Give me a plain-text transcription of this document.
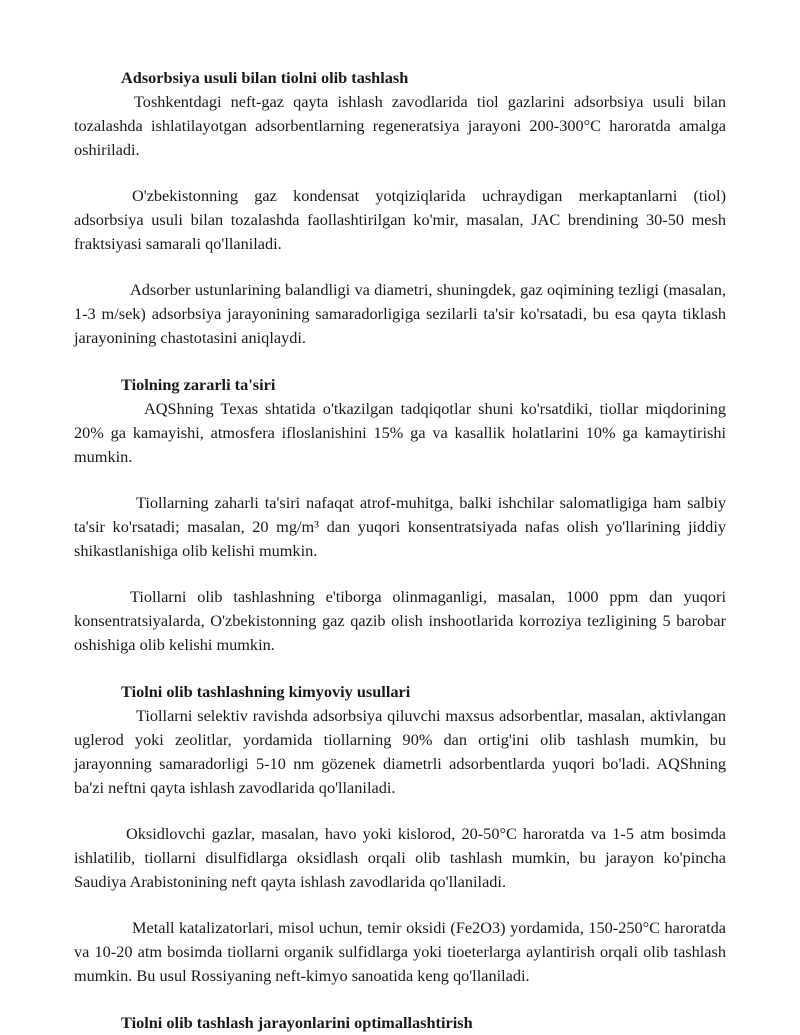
Adsorbsiya usuli bilan tiolni olib tashlash

Toshkentdagi neft-gaz qayta ishlash zavodlarida tiol gazlarini adsorbsiya usuli bilan tozalashda ishlatilayotgan adsorbentlarning regeneratsiya jarayoni 200-300°C haroratda amalga oshiriladi.

O'zbekistonning gaz kondensat yotqiziqlarida uchraydigan merkaptanlarni (tiol) adsorbsiya usuli bilan tozalashda faollashtirilgan ko'mir, masalan, JAC brendining 30-50 mesh fraktsiyasi samarali qo'llaniladi.

Adsorber ustunlarining balandligi va diametri, shuningdek, gaz oqimining tezligi (masalan, 1-3 m/sek) adsorbsiya jarayonining samaradorligiga sezilarli ta'sir ko'rsatadi, bu esa qayta tiklash jarayonining chastotasini aniqlaydi.

Tiolning zararli ta'siri

AQShning Texas shtatida o'tkazilgan tadqiqotlar shuni ko'rsatdiki, tiollar miqdorining 20% ga kamayishi, atmosfera ifloslanishini 15% ga va kasallik holatlarini 10% ga kamaytirishi mumkin.

Tiollarning zaharli ta'siri nafaqat atrof-muhitga, balki ishchilar salomatligiga ham salbiy ta'sir ko'rsatadi; masalan, 20 mg/m³ dan yuqori konsentratsiyada nafas olish yo'llarining jiddiy shikastlanishiga olib kelishi mumkin.

Tiollarni olib tashlashning e'tiborga olinmaganligi, masalan, 1000 ppm dan yuqori konsentratsiyalarda, O'zbekistonning gaz qazib olish inshootlarida korroziya tezligining 5 barobar oshishiga olib kelishi mumkin.

Tiolni olib tashlashning kimyoviy usullari

Tiollarni selektiv ravishda adsorbsiya qiluvchi maxsus adsorbentlar, masalan, aktivlangan uglerod yoki zeolitlar, yordamida tiollarning 90% dan ortig'ini olib tashlash mumkin, bu jarayonning samaradorligi 5-10 nm gözenek diametrli adsorbentlarda yuqori bo'ladi. AQShning ba'zi neftni qayta ishlash zavodlarida qo'llaniladi.

Oksidlovchi gazlar, masalan, havo yoki kislorod, 20-50°C haroratda va 1-5 atm bosimda ishlatilib, tiollarni disulfidlarga oksidlash orqali olib tashlash mumkin, bu jarayon ko'pincha Saudiya Arabistonining neft qayta ishlash zavodlarida qo'llaniladi.

Metall katalizatorlari, misol uchun, temir oksidi (Fe2O3) yordamida, 150-250°C haroratda va 10-20 atm bosimda tiollarni organik sulfidlarga yoki tioeterlarga aylantirish orqali olib tashlash mumkin. Bu usul Rossiyaning neft-kimyo sanoatida keng qo'llaniladi.

Tiolni olib tashlash jarayonlarini optimallashtirish
